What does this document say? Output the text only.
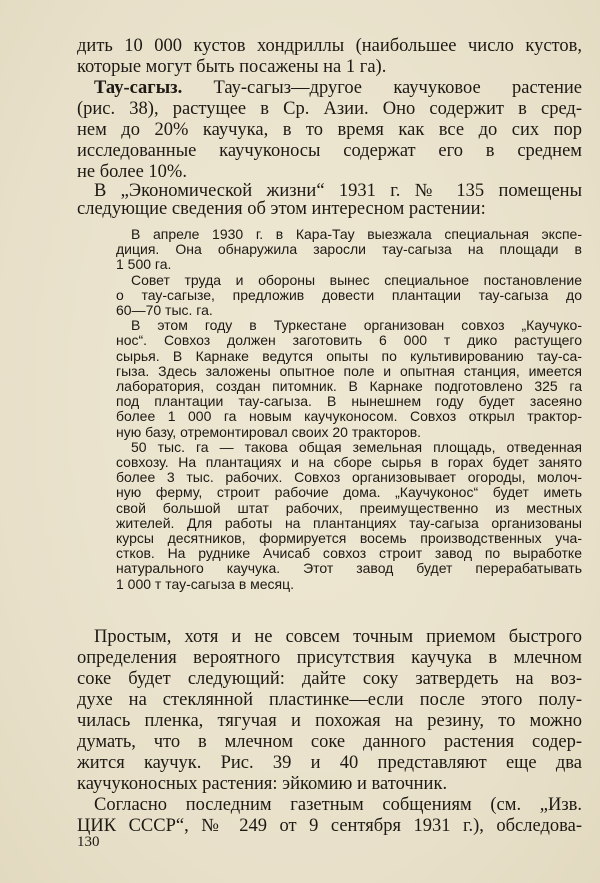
дить 10 000 кустов хондриллы (наибольшее число кустов,
которые могут быть посажены на 1 га).
Тау-сагыз. Тау-сагыз—другое каучуковое растение
(рис. 38), растущее в Ср. Азии. Оно содержит в сред-
нем до 20% каучука, в то время как все до сих пор
исследованные каучуконосы содержат его в среднем
не более 10%.
В „Экономической жизни“ 1931 г. № 135 помещены
следующие сведения об этом интересном растении:
В апреле 1930 г. в Кара-Тау выезжала специальная экспе-
диция. Она обнаружила заросли тау-сагыза на площади в
1 500 га.
Совет труда и обороны вынес специальное постановление
о тау-сагызе, предложив довести плантации тау-сагыза до
60—70 тыс. га.
В этом году в Туркестане организован совхоз „Каучуко-
нос“. Совхоз должен заготовить 6 000 т дико растущего
сырья. В Карнаке ведутся опыты по культивированию тау-са-
гыза. Здесь заложены опытное поле и опытная станция, имеется
лаборатория, создан питомник. В Карнаке подготовлено 325 га
под плантации тау-сагыза. В нынешнем году будет засеяно
более 1 000 га новым каучуконосом. Совхоз открыл трактор-
ную базу, отремонтировал своих 20 тракторов.
50 тыс. га — такова общая земельная площадь, отведенная
совхозу. На плантациях и на сборе сырья в горах будет занято
более 3 тыс. рабочих. Совхоз организовывает огороды, молоч-
ную ферму, строит рабочие дома. „Каучуконос“ будет иметь
свой большой штат рабочих, преимущественно из местных
жителей. Для работы на плантанциях тау-сагыза организованы
курсы десятников, формируется восемь производственных уча-
стков. На руднике Ачисаб совхоз строит завод по выработке
натурального каучука. Этот завод будет перерабатывать
1 000 т тау-сагыза в месяц.
Простым, хотя и не совсем точным приемом быстрого
определения вероятного присутствия каучука в млечном
соке будет следующий: дайте соку затвердеть на воз-
духе на стеклянной пластинке—если после этого полу-
чилась пленка, тягучая и похожая на резину, то можно
думать, что в млечном соке данного растения содер-
жится каучук. Рис. 39 и 40 представляют еще два
каучуконосных растения: эйкомию и ваточник.
Согласно последним газетным собщениям (см. „Изв.
ЦИК СССР“, № 249 от 9 сентября 1931 г.), обследова-
130
